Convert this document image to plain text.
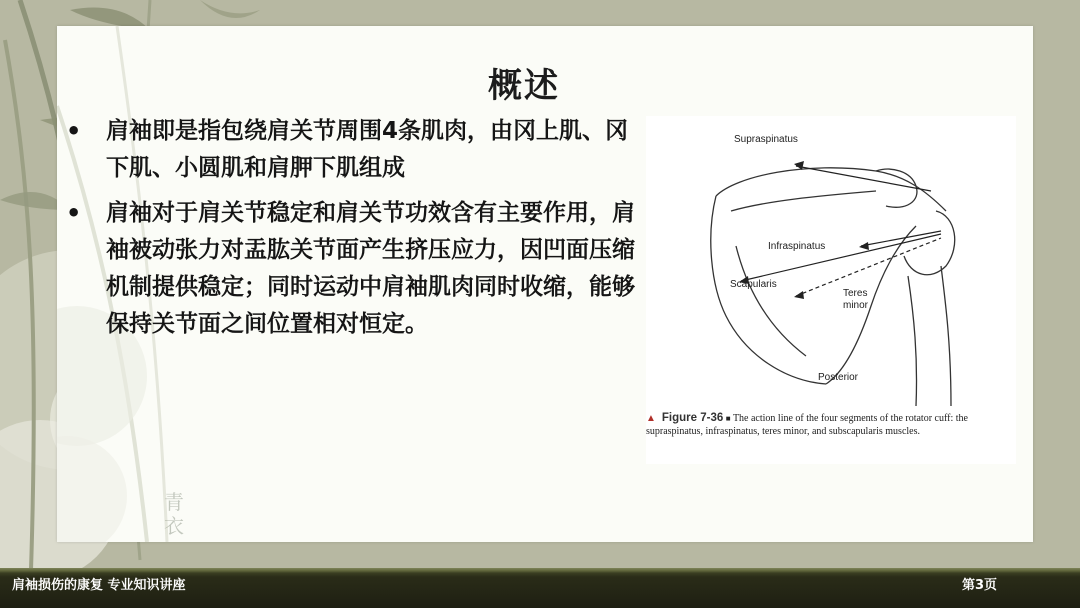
概述
• 肩袖即是指包绕肩关节周围4条肌肉，由冈上肌、冈下肌、小圆肌和肩胛下肌组成
• 肩袖对于肩关节稳定和肩关节功效含有主要作用，肩袖被动张力对盂肱关节面产生挤压应力，因凹面压缩机制提供稳定；同时运动中肩袖肌肉同时收缩，能够保持关节面之间位置相对恒定。
Supraspinatus
Infraspinatus
Scapularis
Teres
minor
Posterior
▲ Figure 7-36 ■ The action line of the four segments of the rotator cuff: the supraspinatus, infraspinatus, teres minor, and subscapularis muscles.
青衣
肩袖损伤的康复 专业知识讲座	第3页
